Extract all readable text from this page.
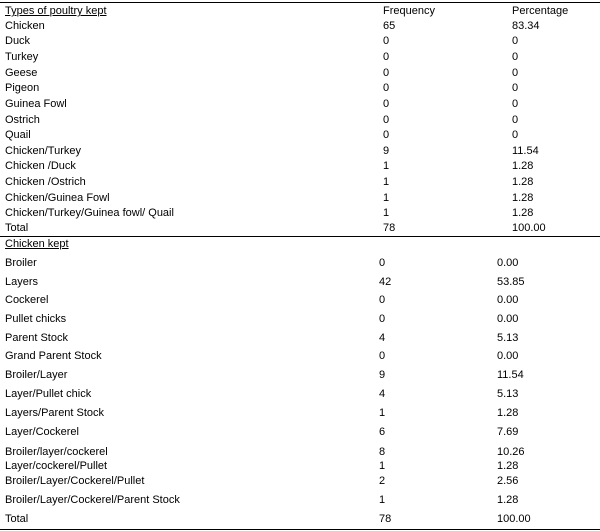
Types of poultry kept	Frequency	Percentage
Chicken	65	83.34
Duck	0	0
Turkey	0	0
Geese	0	0
Pigeon	0	0
Guinea Fowl	0	0
Ostrich	0	0
Quail	0	0
Chicken/Turkey	9	11.54
Chicken /Duck	1	1.28
Chicken /Ostrich	1	1.28
Chicken/Guinea Fowl	1	1.28
Chicken/Turkey/Guinea fowl/ Quail	1	1.28
Total	78	100.00
Chicken kept
Broiler	0	0.00
Layers	42	53.85
Cockerel	0	0.00
Pullet chicks	0	0.00
Parent Stock	4	5.13
Grand Parent Stock	0	0.00
Broiler/Layer	9	11.54
Layer/Pullet chick	4	5.13
Layers/Parent Stock	1	1.28
Layer/Cockerel	6	7.69
Broiler/layer/cockerel	8	10.26
Layer/cockerel/Pullet	1	1.28
Broiler/Layer/Cockerel/Pullet	2	2.56
Broiler/Layer/Cockerel/Parent Stock	1	1.28
Total	78	100.00
